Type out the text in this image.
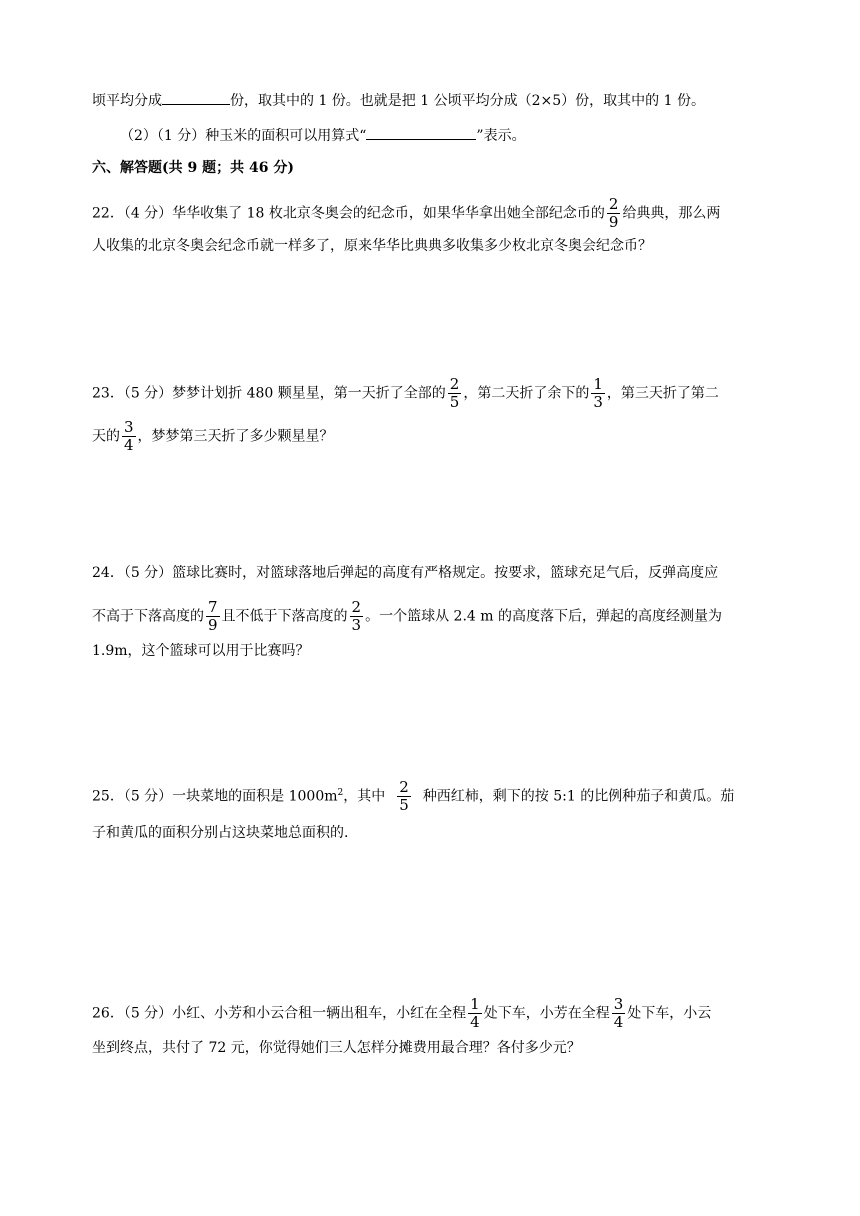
顷平均分成	份，取其中的 1 份。也就是把 1 公顷平均分成（2×5）份，取其中的 1 份。
（2）（1 分）种玉米的面积可以用算式“	”表示。
六、解答题(共 9 题；共 46 分)
22．（4 分）华华收集了 18 枚北京冬奥会的纪念币，如果华华拿出她全部纪念币的 $\frac{2}{9}$ 给典典，那么两
人收集的北京冬奥会纪念币就一样多了，原来华华比典典多收集多少枚北京冬奥会纪念币？
23．（5 分）梦梦计划折 480 颗星星，第一天折了全部的 $\frac{2}{5}$ ，第二天折了余下的 $\frac{1}{3}$ ，第三天折了第二
天的 $\frac{3}{4}$ ，梦梦第三天折了多少颗星星？
24．（5 分）篮球比赛时，对篮球落地后弹起的高度有严格规定。按要求，篮球充足气后，反弹高度应
不高于下落高度的 $\frac{7}{9}$ 且不低于下落高度的 $\frac{2}{3}$ 。一个篮球从 2.4 m 的高度落下后，弹起的高度经测量为
1.9m，这个篮球可以用于比赛吗？
25．（5 分）一块菜地的面积是 $1000m^2$，其中 $\frac{2}{5}$ 种西红柿，剩下的按 5:1 的比例种茄子和黄瓜。茄
子和黄瓜的面积分别占这块菜地总面积的.
26．（5 分）小红、小芳和小云合租一辆出租车，小红在全程 $\frac{1}{4}$ 处下车，小芳在全程 $\frac{3}{4}$ 处下车，小云
坐到终点，共付了 72 元，你觉得她们三人怎样分摊费用最合理？各付多少元？
